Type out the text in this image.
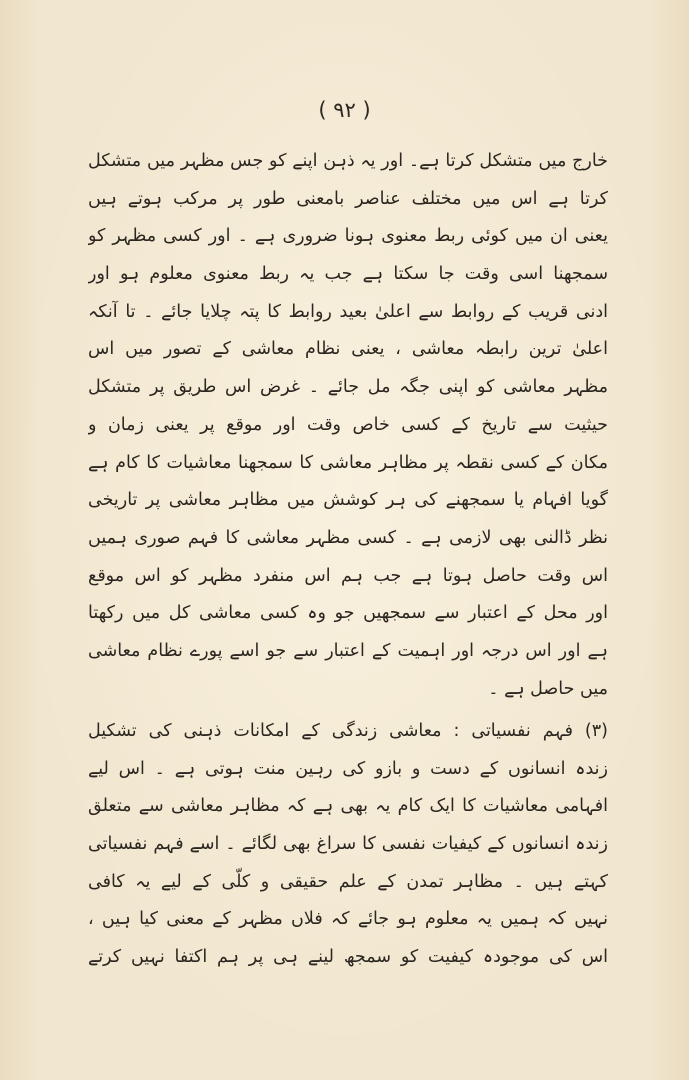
( ۹۲ )
خارج میں متشکل کرتا ہے۔ اور یہ ذہن اپنے کو جس مظہر میں متشکل
کرتا ہے اس میں مختلف عناصر بامعنی طور پر مرکب ہوتے ہیں
یعنی ان میں کوئی ربط معنوی ہونا ضروری ہے ۔ اور کسی مظہر کو
سمجھنا اسی وقت جا سکتا ہے جب یہ ربط معنوی معلوم ہو اور
ادنی قریب کے روابط سے اعلیٰ بعید روابط کا پتہ چلایا جائے ۔ تا آنکہ
اعلیٰ ترین رابطہ معاشی ، یعنی نظام معاشی کے تصور میں اس
مظہر معاشی کو اپنی جگہ مل جائے ۔ غرض اس طریق پر متشکل
حیثیت سے تاریخ کے کسی خاص وقت اور موقع پر یعنی زمان و
مکان کے کسی نقطہ پر مظاہر معاشی کا سمجھنا معاشیات کا کام ہے
گویا افہام یا سمجھنے کی ہر کوشش میں مظاہر معاشی پر تاریخی
نظر ڈالنی بھی لازمی ہے ۔ کسی مظہر معاشی کا فہم صوری ہمیں
اس وقت حاصل ہوتا ہے جب ہم اس منفرد مظہر کو اس موقع
اور محل کے اعتبار سے سمجھیں جو وہ کسی معاشی کل میں رکھتا
ہے اور اس درجہ اور اہمیت کے اعتبار سے جو اسے پورے نظام معاشی
میں حاصل ہے ۔
(۳) فہم نفسیاتی : معاشی زندگی کے امکانات ذہنی کی تشکیل
زندہ انسانوں کے دست و بازو کی رہین منت ہوتی ہے ۔ اس لیے
افہامی معاشیات کا ایک کام یہ بھی ہے کہ مظاہر معاشی سے متعلق
زندہ انسانوں کے کیفیات نفسی کا سراغ بھی لگائے ۔ اسے فہم نفسیاتی
کہتے ہیں ۔ مظاہر تمدن کے علم حقیقی و کلّی کے لیے یہ کافی
نہیں کہ ہمیں یہ معلوم ہو جائے کہ فلاں مظہر کے معنی کیا ہیں ،
اس کی موجودہ کیفیت کو سمجھ لینے ہی پر ہم اکتفا نہیں کرتے
